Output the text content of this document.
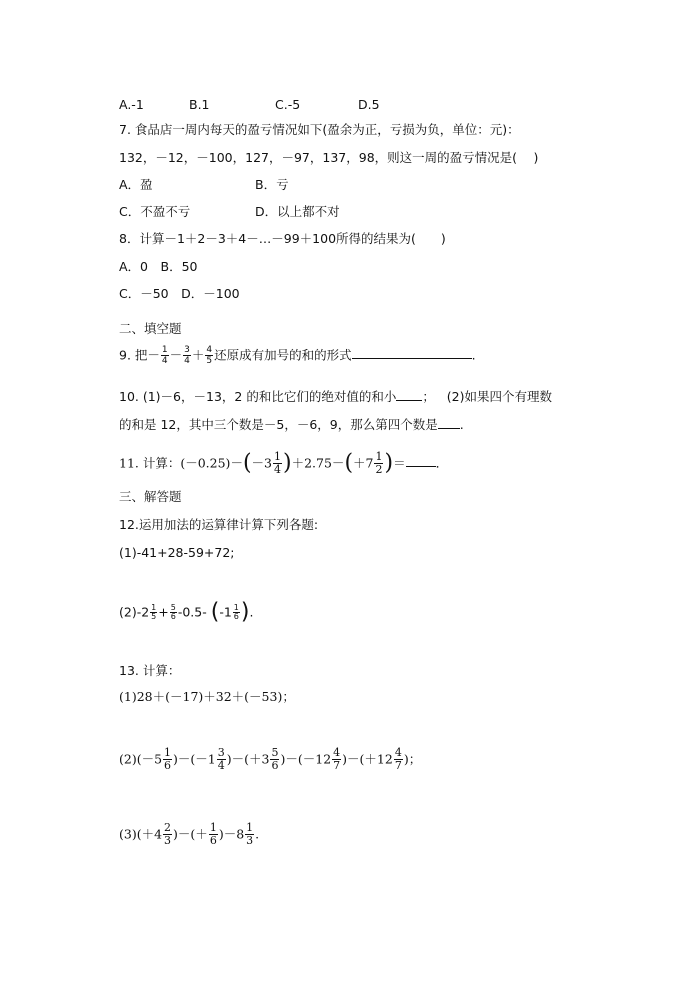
A.-1	B.1	C.-5	D.5
7. 食品店一周内每天的盈亏情况如下(盈余为正，亏损为负，单位：元)：
132，－12，－100，127，－97，137，98，则这一周的盈亏情况是(　 )
A．盈	B．亏
C．不盈不亏	D．以上都不对
8．计算－1＋2－3＋4－…－99＋100所得的结果为(　　)
A．0　B．50
C．－50　D．－100
二、填空题
9. 把－ $\frac{1}{4} - \frac{3}{4} + \frac{4}{5}$ 还原成有加号的和的形式	.
10. (1)－6，－13，2 的和比它们的绝对值的和小 ； (2)如果四个有理数
的和是 12，其中三个数是－5，－6，9，那么第四个数是 .
11. 计算：$(-0.25)-(-3 \frac{1}{4} )+2.75-(+7 \frac{1}{2}$ )＝ ．
三、解答题
12.运用加法的运算律计算下列各题:
(1)-41+28-59+72;
$(2)-2 \frac{1}{5} + \frac{5}{6} -0.5-$ ($-1 \frac{1}{6}$ ).
13. 计算：
(1)28＋(－17)＋32＋(－53)；
$(2)(-5 \frac{1}{6} )-(-1 \frac{3}{4} )-(+3 \frac{5}{6} )-(-12 \frac{4}{7} )-(+12 \frac{4}{7}$ )；
$(3)(+4 \frac{2}{3}$ )－(＋ $\frac{1}{6} )-8 \frac{1}{3}$ .
